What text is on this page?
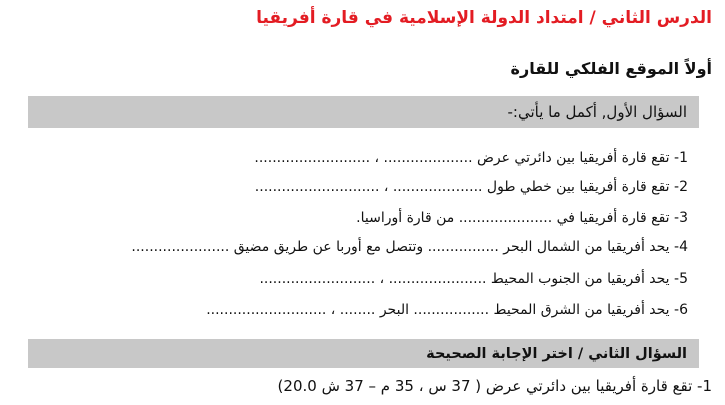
الدرس الثاني / امتداد الدولة الإسلامية في قارة أفريقيا
أولاً الموقع الفلكي للقارة
السؤال الأول, أكمل ما يأتي:-
1- تقع قارة أفريقيا بين دائرتي عرض .................... ، ..........................
2- تقع قارة أفريقيا بين خطي طول .....…............ ، ............................
3- تقع قارة أفريقيا في ..................... من قارة أوراسيا.
4- يحد أفريقيا من الشمال البحر ................ وتتصل مع أوربا عن طريق مضيق ......................
5- يحد أفريقيا من الجنوب المحيط ...................... ، ..........................
6- يحد أفريقيا من الشرق المحيط ................. البحر ........ ، ...........................
السؤال الثاني / اختر الإجابة الصحيحة
1- تقع قارة أفريقيا بين دائرتي عرض ( 37 س ، 35 م – 37 ش 20.0)
